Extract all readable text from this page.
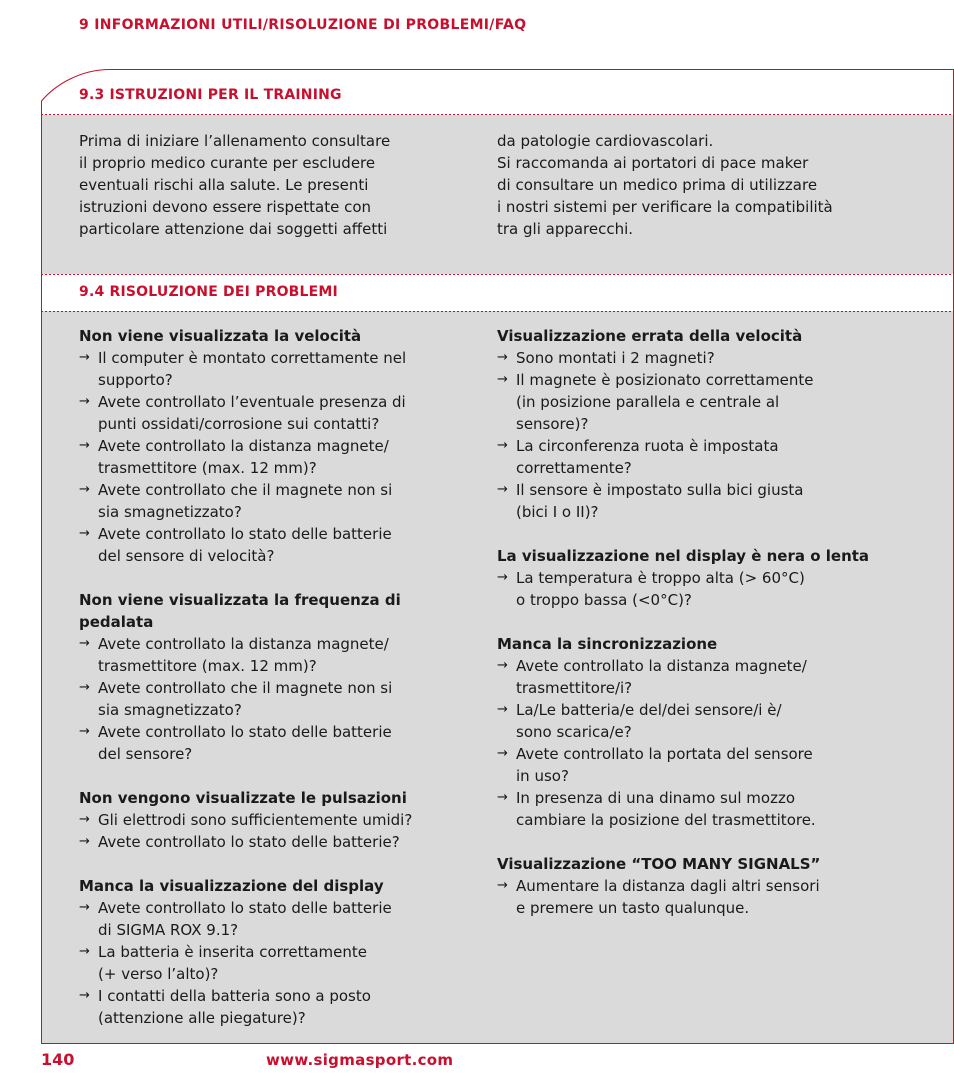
9 INFORMAZIONI UTILI/RISOLUZIONE DI PROBLEMI/FAQ
9.3 ISTRUZIONI PER IL TRAINING

Prima di iniziare l’allenamento consultare

il proprio medico curante per escludere

eventuali rischi alla salute. Le presenti

istruzioni devono essere rispettate con

particolare attenzione dai soggetti affetti

da patologie cardiovascolari.

Si raccomanda ai portatori di pace maker

di consultare un medico prima di utilizzare

i nostri sistemi per verificare la compatibilità

tra gli apparecchi.

9.4 RISOLUZIONE DEI PROBLEMI
Non viene visualizzata la velocità
→ Il computer è montato correttamente nel
supporto?
→ Avete controllato l’eventuale presenza di
punti ossidati/corrosione sui contatti?
→ Avete controllato la distanza magnete/
trasmettitore (max. 12 mm)?
→ Avete controllato che il magnete non si
sia smagnetizzato?
→ Avete controllato lo stato delle batterie
del sensore di velocità?
Non viene visualizzata la frequenza di
pedalata
→ Avete controllato la distanza magnete/
trasmettitore (max. 12 mm)?
→ Avete controllato che il magnete non si
sia smagnetizzato?
→ Avete controllato lo stato delle batterie
del sensore?
Non vengono visualizzate le pulsazioni
→ Gli elettrodi sono sufficientemente umidi?
→ Avete controllato lo stato delle batterie?
Manca la visualizzazione del display
→ Avete controllato lo stato delle batterie
di SIGMA ROX 9.1?
→ La batteria è inserita correttamente
(+ verso l’alto)?
→ I contatti della batteria sono a posto
(attenzione alle piegature)?
Visualizzazione errata della velocità
→ Sono montati i 2 magneti?
→ Il magnete è posizionato correttamente
(in posizione parallela e centrale al
sensore)?
→ La circonferenza ruota è impostata
correttamente?
→ Il sensore è impostato sulla bici giusta
(bici I o II)?
La visualizzazione nel display è nera o lenta
→ La temperatura è troppo alta (> 60°C)
o troppo bassa (<0°C)?
Manca la sincronizzazione
→ Avete controllato la distanza magnete/
trasmettitore/i?
→ La/Le batteria/e del/dei sensore/i è/
sono scarica/e?
→ Avete controllato la portata del sensore
in uso?
→ In presenza di una dinamo sul mozzo
cambiare la posizione del trasmettitore.
Visualizzazione “TOO MANY SIGNALS”
→ Aumentare la distanza dagli altri sensori
e premere un tasto qualunque.
140	www.sigmasport.com
